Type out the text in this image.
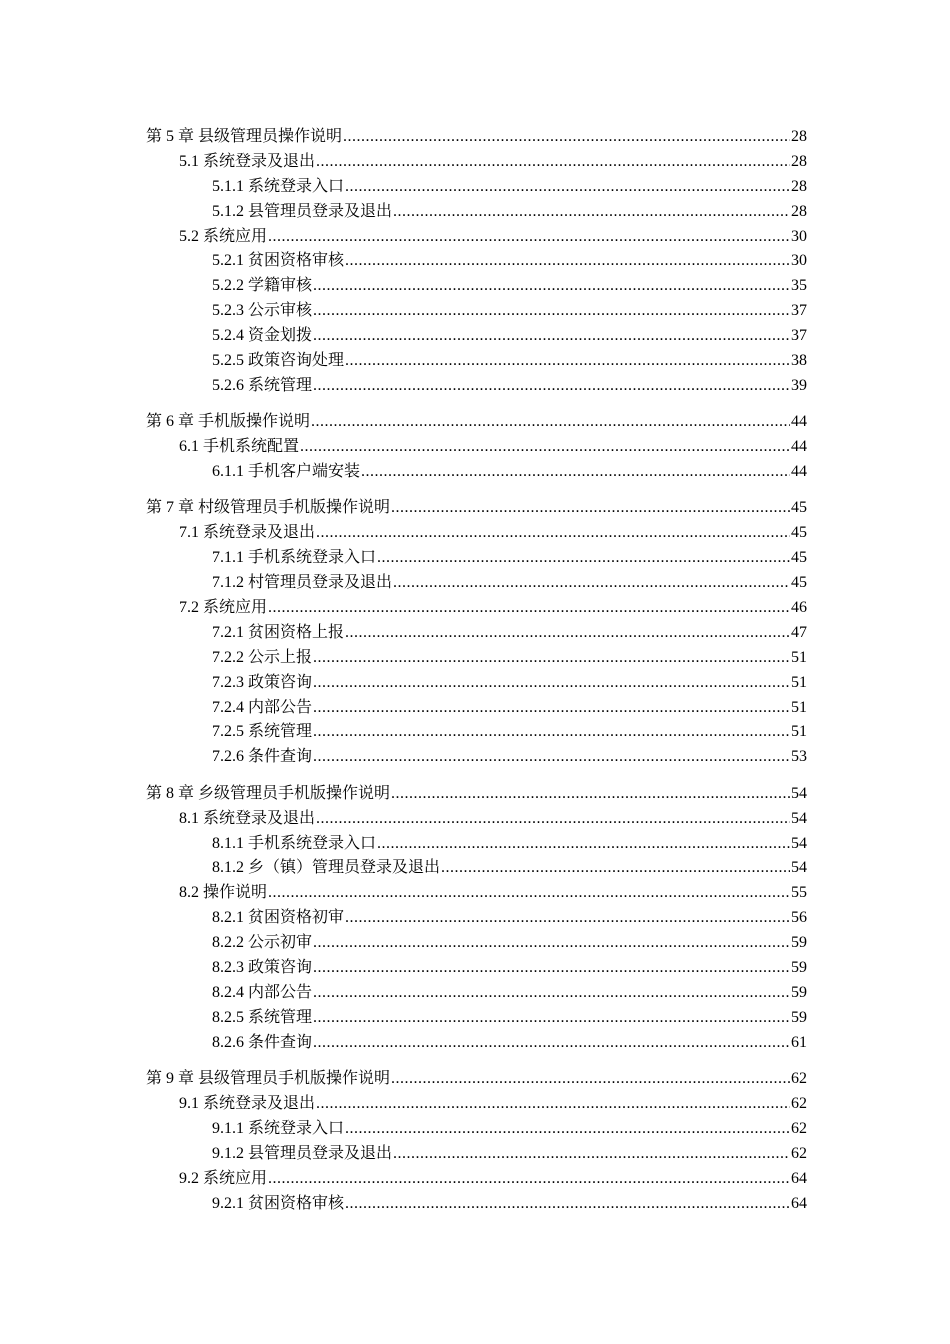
第 5 章 县级管理员操作说明 .....	28
5.1 系统登录及退出 .....	28
5.1.1 系统登录入口 .....	28
5.1.2 县管理员登录及退出 .....	28
5.2 系统应用 .....	30
5.2.1 贫困资格审核 .....	30
5.2.2 学籍审核 .....	35
5.2.3 公示审核 .....	37
5.2.4 资金划拨 .....	37
5.2.5 政策咨询处理 .....	38
5.2.6 系统管理 .....	39
第 6 章 手机版操作说明 .....	44
6.1 手机系统配置 .....	44
6.1.1 手机客户端安装 .....	44
第 7 章 村级管理员手机版操作说明 .....	45
7.1 系统登录及退出 .....	45
7.1.1 手机系统登录入口 .....	45
7.1.2 村管理员登录及退出 .....	45
7.2 系统应用 .....	46
7.2.1 贫困资格上报 .....	47
7.2.2 公示上报 .....	51
7.2.3 政策咨询 .....	51
7.2.4 内部公告 .....	51
7.2.5 系统管理 .....	51
7.2.6 条件查询 .....	53
第 8 章 乡级管理员手机版操作说明 .....	54
8.1 系统登录及退出 .....	54
8.1.1 手机系统登录入口 .....	54
8.1.2 乡（镇）管理员登录及退出 .....	54
8.2 操作说明 .....	55
8.2.1 贫困资格初审 .....	56
8.2.2 公示初审 .....	59
8.2.3 政策咨询 .....	59
8.2.4 内部公告 .....	59
8.2.5 系统管理 .....	59
8.2.6 条件查询 .....	61
第 9 章 县级管理员手机版操作说明 .....	62
9.1 系统登录及退出 .....	62
9.1.1 系统登录入口 .....	62
9.1.2 县管理员登录及退出 .....	62
9.2 系统应用 .....	64
9.2.1 贫困资格审核 .....	64
